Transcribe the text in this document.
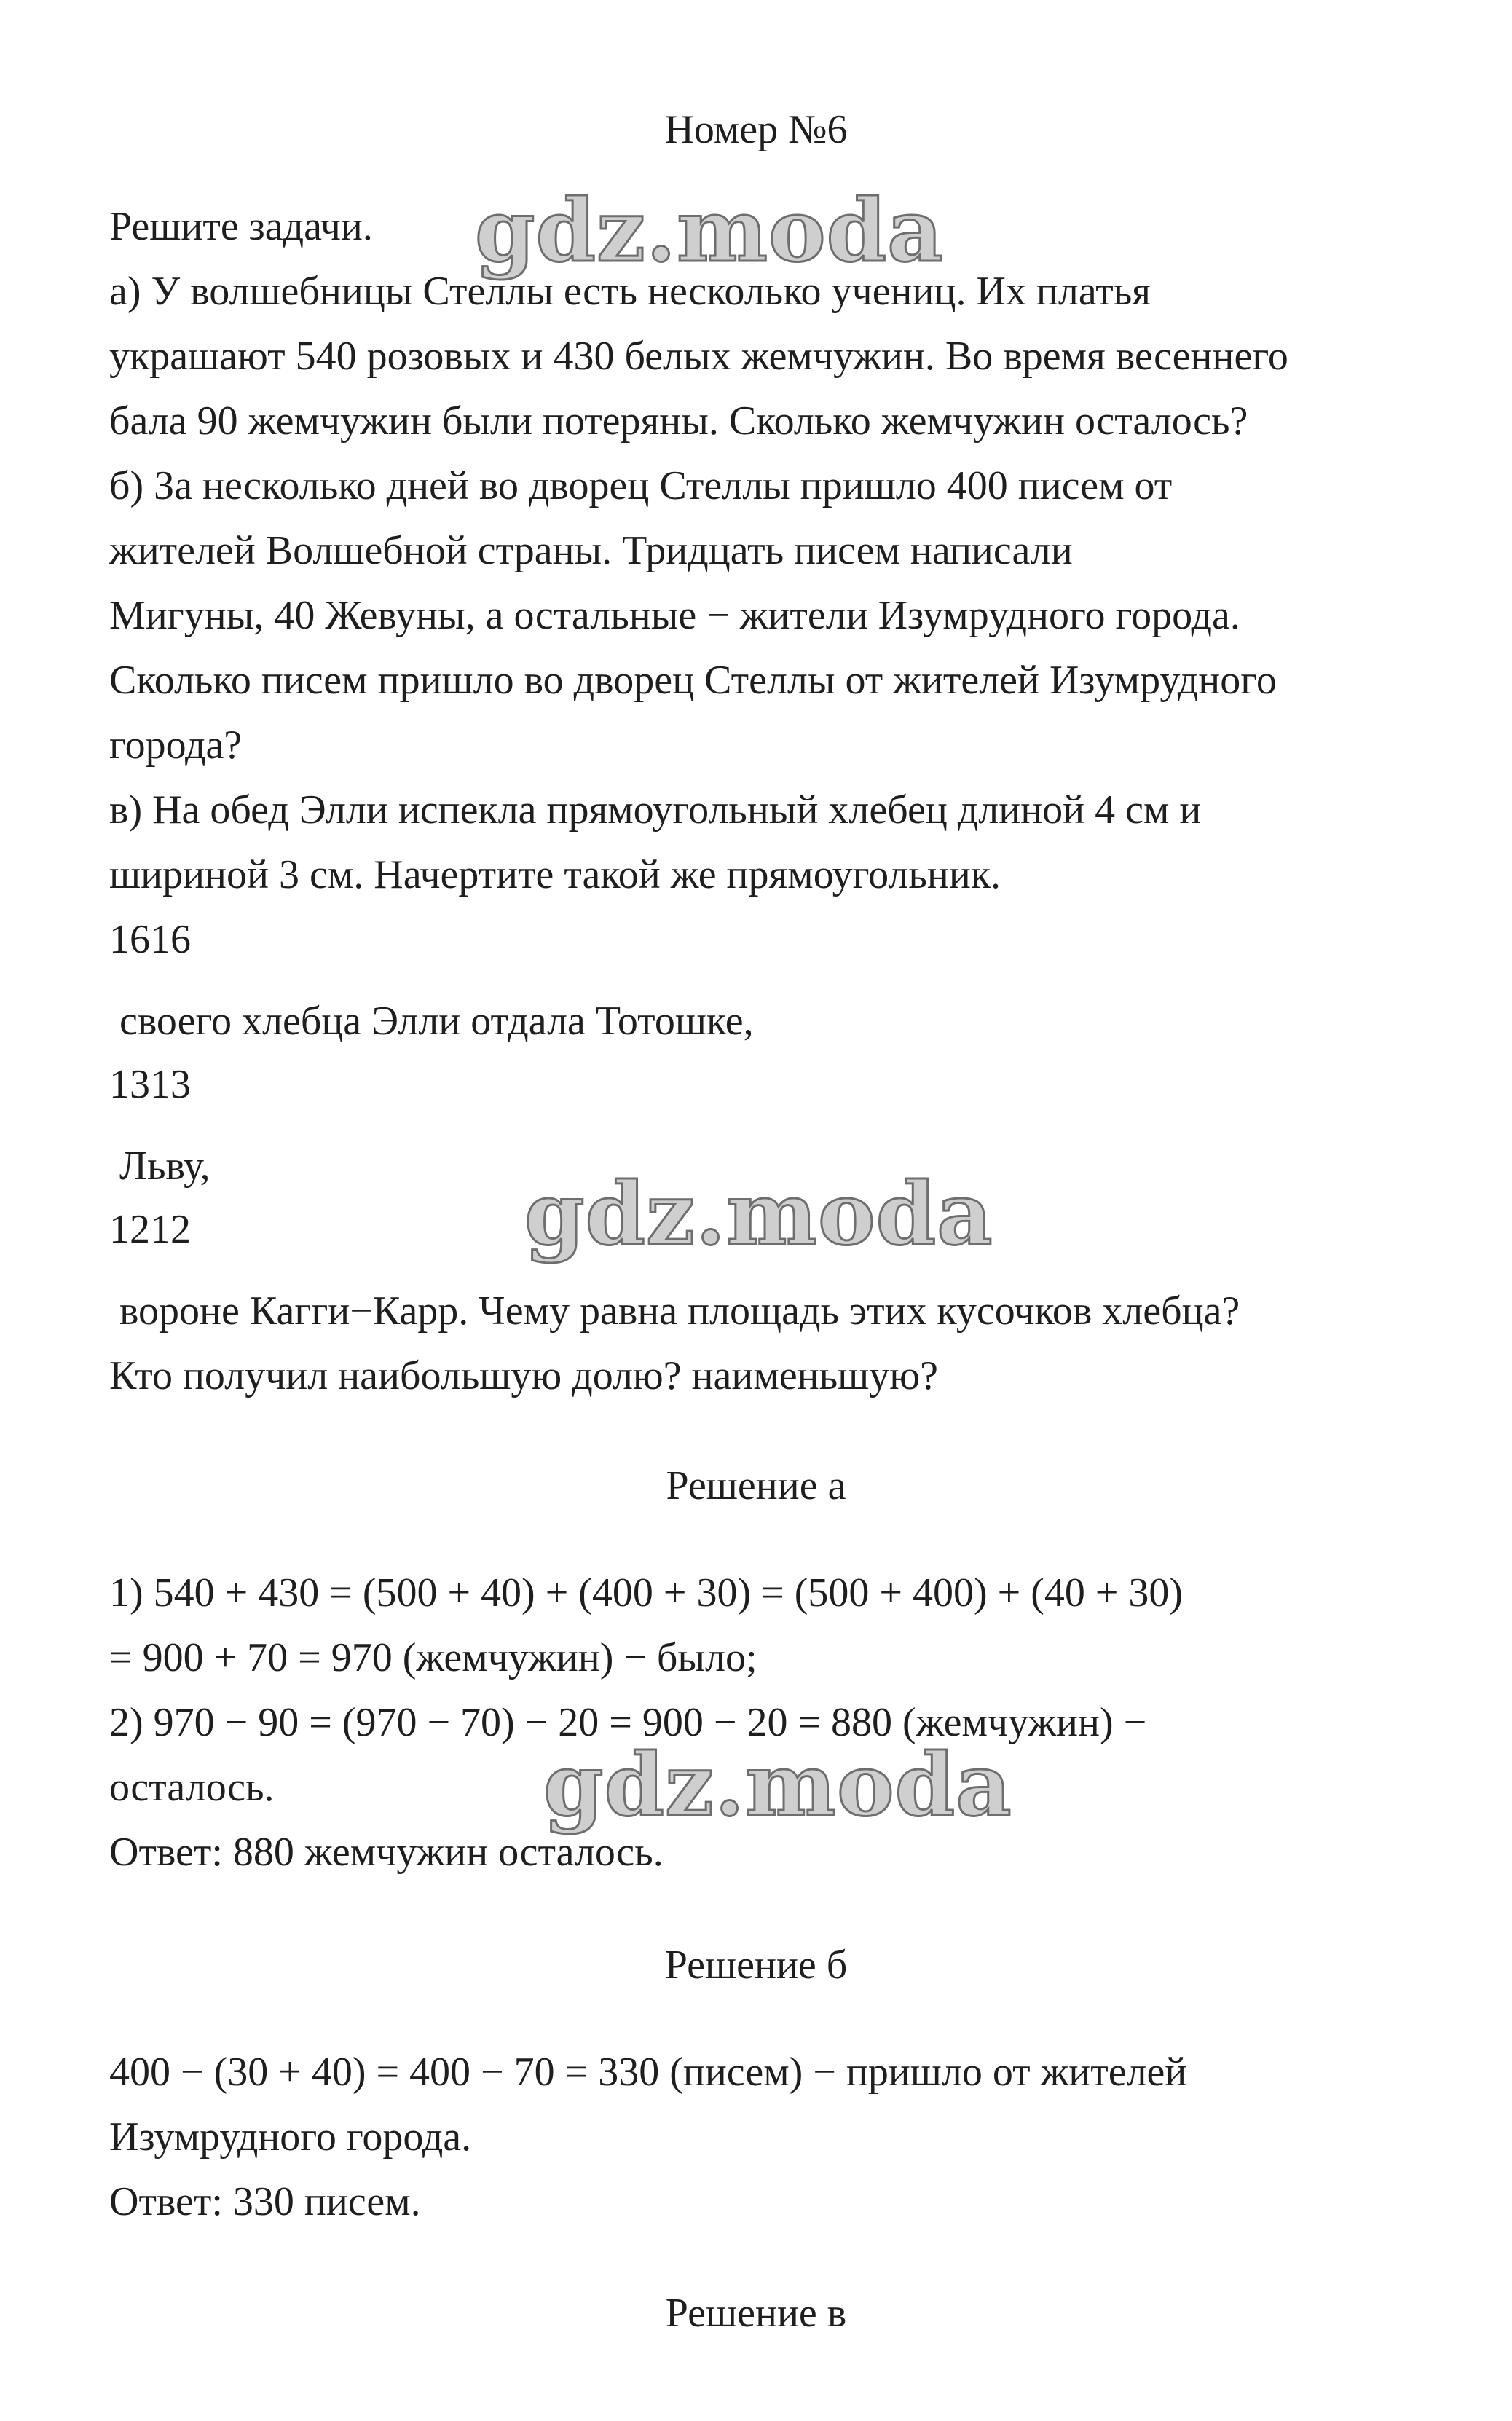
Номер №6
gdz.moda
gdz.moda
gdz.moda
Решите задачи.
а) У волшебницы Стеллы есть несколько учениц. Их платья
украшают 540 розовых и 430 белых жемчужин. Во время весеннего
бала 90 жемчужин были потеряны. Сколько жемчужин осталось?
б) За несколько дней во дворец Стеллы пришло 400 писем от
жителей Волшебной страны. Тридцать писем написали
Мигуны, 40 Жевуны, а остальные − жители Изумрудного города.
Сколько писем пришло во дворец Стеллы от жителей Изумрудного
города?
в) На обед Элли испекла прямоугольный хлебец длиной 4 см и
шириной 3 см. Начертите такой же прямоугольник.
1616
своего хлебца Элли отдала Тотошке,
1313
Льву,
1212
вороне Кагги−Карр. Чему равна площадь этих кусочков хлебца?
Кто получил наибольшую долю? наименьшую?
Решение а
1) 540 + 430 = (500 + 40) + (400 + 30) = (500 + 400) + (40 + 30)
= 900 + 70 = 970 (жемчужин) − было;
2) 970 − 90 = (970 − 70) − 20 = 900 − 20 = 880 (жемчужин) −
осталось.
Ответ: 880 жемчужин осталось.
Решение б
400 − (30 + 40) = 400 − 70 = 330 (писем) − пришло от жителей
Изумрудного города.
Ответ: 330 писем.
Решение в
